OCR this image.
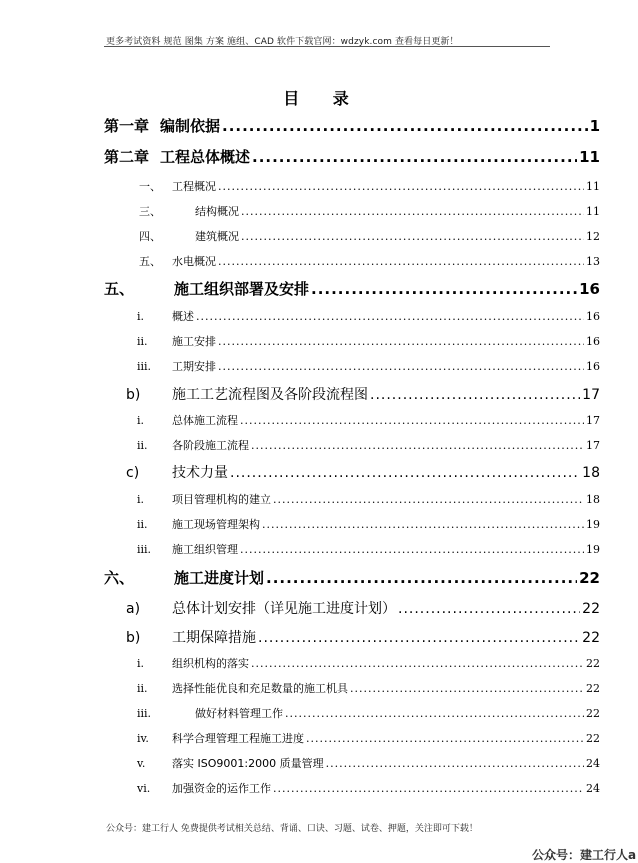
更多考试资料 规范 图集 方案 施组、CAD 软件下载官网：wdzyk.com 查看每日更新！
目 录
第一章 编制依据 .....	1
第二章 工程总体概述 .....	11
一、	工程概况 .....	11
三、	结构概况 .....	11
四、	建筑概况 .....	12
五、	水电概况 .....	13
五、	施工组织部署及安排 .....	16
i.	概述 .....	16
ii.	施工安排 .....	16
iii.	工期安排 .....	16
b)	施工工艺流程图及各阶段流程图 .....	17
i.	总体施工流程 .....	17
ii.	各阶段施工流程 .....	17
c)	技术力量 .....	18
i.	项目管理机构的建立 .....	18
ii.	施工现场管理架构 .....	19
iii.	施工组织管理 .....	19
六、	施工进度计划 .....	22
a)	总体计划安排（详见施工进度计划） .....	22
b)	工期保障措施 .....	22
i.	组织机构的落实 .....	22
ii.	选择性能优良和充足数量的施工机具 .....	22
iii.	做好材料管理工作 .....	22
iv.	科学合理管理工程施工进度 .....	22
v.	落实 ISO9001:2000 质量管理 .....	24
vi.	加强资金的运作工作 .....	24
公众号：建工行人 免费提供考试相关总结、背诵、口诀、习题、试卷、押题，关注即可下载！
公众号：建工行人a
